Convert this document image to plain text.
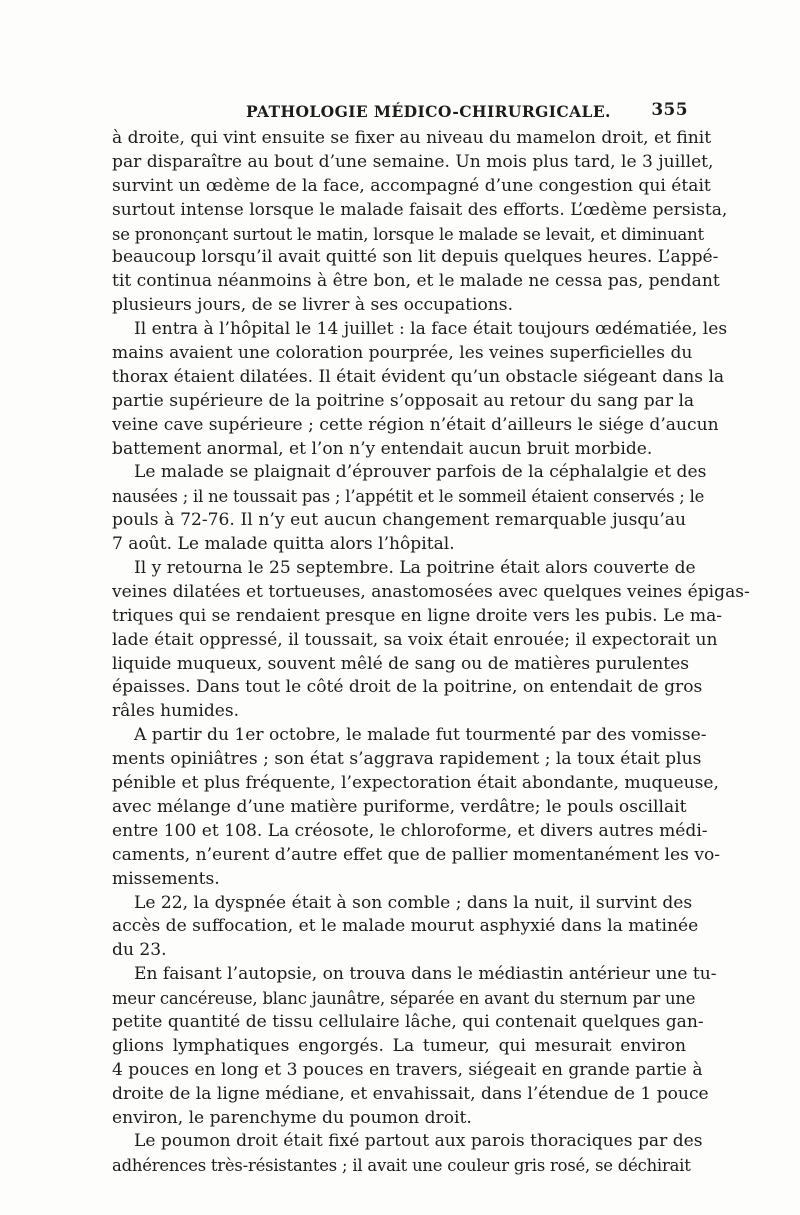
PATHOLOGIE MÉDICO-CHIRURGICALE. 355
à droite, qui vint ensuite se fixer au niveau du mamelon droit, et finit
par disparaître au bout d’une semaine. Un mois plus tard, le 3 juillet,
survint un œdème de la face, accompagné d’une congestion qui était
surtout intense lorsque le malade faisait des efforts. L’œdème persista,
se prononçant surtout le matin, lorsque le malade se levait, et diminuant
beaucoup lorsqu’il avait quitté son lit depuis quelques heures. L’appé-
tit continua néanmoins à être bon, et le malade ne cessa pas, pendant
plusieurs jours, de se livrer à ses occupations.
Il entra à l’hôpital le 14 juillet : la face était toujours œdématiée, les
mains avaient une coloration pourprée, les veines superficielles du
thorax étaient dilatées. Il était évident qu’un obstacle siégeant dans la
partie supérieure de la poitrine s’opposait au retour du sang par la
veine cave supérieure ; cette région n’était d’ailleurs le siége d’aucun
battement anormal, et l’on n’y entendait aucun bruit morbide.
Le malade se plaignait d’éprouver parfois de la céphalalgie et des
nausées ; il ne toussait pas ; l’appétit et le sommeil étaient conservés ; le
pouls à 72-76. Il n’y eut aucun changement remarquable jusqu’au
7 août. Le malade quitta alors l’hôpital.
Il y retourna le 25 septembre. La poitrine était alors couverte de
veines dilatées et tortueuses, anastomosées avec quelques veines épigas-
triques qui se rendaient presque en ligne droite vers les pubis. Le ma-
lade était oppressé, il toussait, sa voix était enrouée; il expectorait un
liquide muqueux, souvent mêlé de sang ou de matières purulentes
épaisses. Dans tout le côté droit de la poitrine, on entendait de gros
râles humides.
A partir du 1er octobre, le malade fut tourmenté par des vomisse-
ments opiniâtres ; son état s’aggrava rapidement ; la toux était plus
pénible et plus fréquente, l’expectoration était abondante, muqueuse,
avec mélange d’une matière puriforme, verdâtre; le pouls oscillait
entre 100 et 108. La créosote, le chloroforme, et divers autres médi-
caments, n’eurent d’autre effet que de pallier momentanément les vo-
missements.
Le 22, la dyspnée était à son comble ; dans la nuit, il survint des
accès de suffocation, et le malade mourut asphyxié dans la matinée
du 23.
En faisant l’autopsie, on trouva dans le médiastin antérieur une tu-
meur cancéreuse, blanc jaunâtre, séparée en avant du sternum par une
petite quantité de tissu cellulaire lâche, qui contenait quelques gan-
glions lymphatiques engorgés. La tumeur, qui mesurait environ
4 pouces en long et 3 pouces en travers, siégeait en grande partie à
droite de la ligne médiane, et envahissait, dans l’étendue de 1 pouce
environ, le parenchyme du poumon droit.
Le poumon droit était fixé partout aux parois thoraciques par des
adhérences très-résistantes ; il avait une couleur gris rosé, se déchirait
